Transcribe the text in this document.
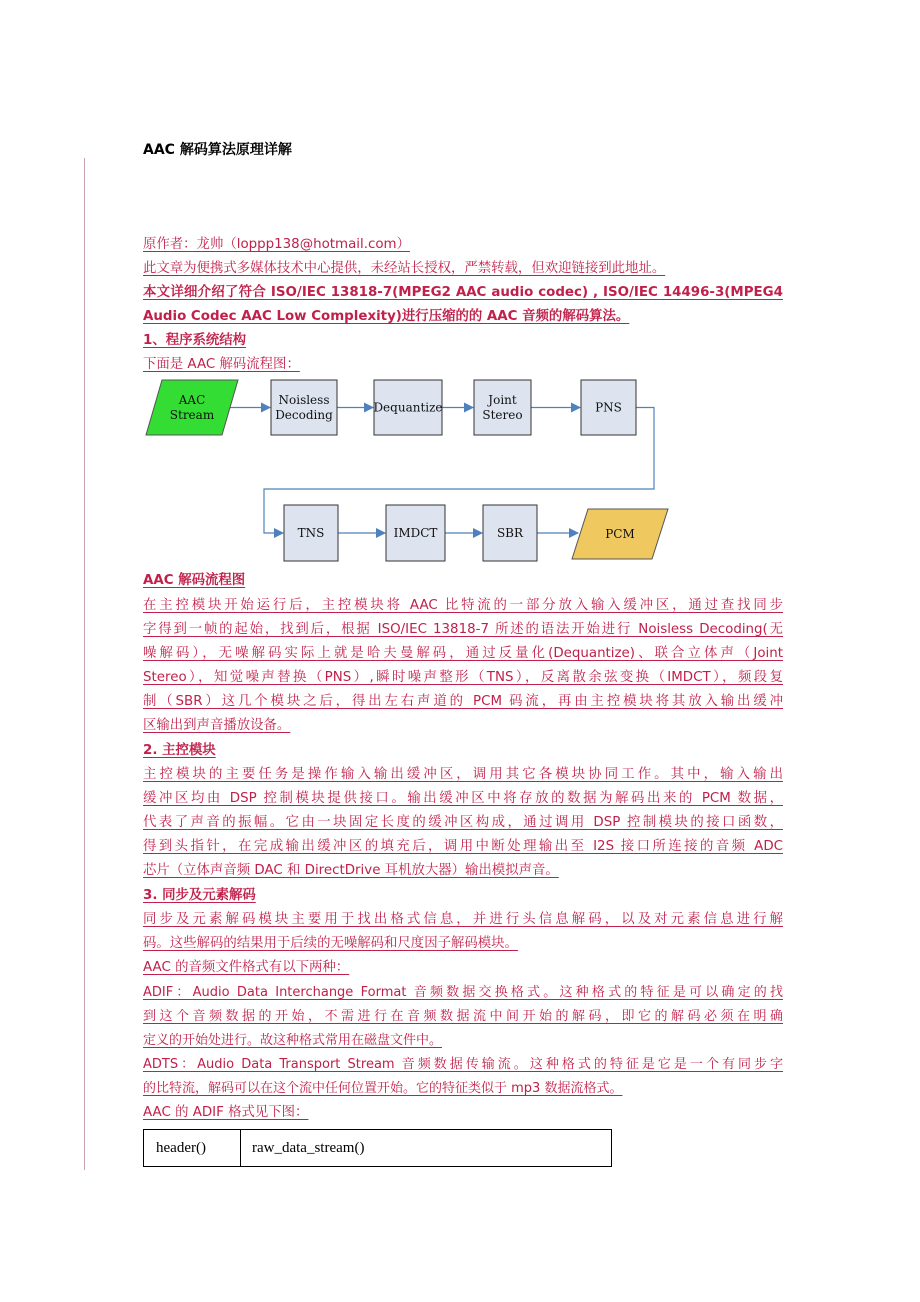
AAC 解码算法原理详解
原作者：龙帅（loppp138@hotmail.com）
此文章为便携式多媒体技术中心提供，未经站长授权，严禁转载，但欢迎链接到此地址。
本文详细介绍了符合 ISO/IEC 13818-7(MPEG2 AAC audio codec) , ISO/IEC 14496-3(MPEG4
Audio Codec AAC Low Complexity)进行压缩的的 AAC 音频的解码算法。
1、程序系统结构
下面是 AAC 解码流程图：
AAC
Stream
Noisless
Decoding
Dequantize
Joint
Stereo
PNS
TNS	IMDCT	SBR	PCM
AAC 解码流程图
在主控模块开始运行后，主控模块将 AAC 比特流的一部分放入输入缓冲区，通过查找同步
字得到一帧的起始，找到后，根据 ISO/IEC 13818-7 所述的语法开始进行 Noisless Decoding(无
噪解码），无噪解码实际上就是哈夫曼解码，通过反量化(Dequantize)、联合立体声（Joint
Stereo），知觉噪声替换（PNS）,瞬时噪声整形（TNS），反离散余弦变换（IMDCT），频段复
制（SBR）这几个模块之后，得出左右声道的 PCM 码流，再由主控模块将其放入输出缓冲
区输出到声音播放设备。
2. 主控模块
主控模块的主要任务是操作输入输出缓冲区，调用其它各模块协同工作。其中，输入输出
缓冲区均由 DSP 控制模块提供接口。输出缓冲区中将存放的数据为解码出来的 PCM 数据，
代表了声音的振幅。它由一块固定长度的缓冲区构成，通过调用 DSP 控制模块的接口函数，
得到头指针，在完成输出缓冲区的填充后，调用中断处理输出至 I2S 接口所连接的音频 ADC
芯片（立体声音频 DAC 和 DirectDrive 耳机放大器）输出模拟声音。
3. 同步及元素解码
同步及元素解码模块主要用于找出格式信息，并进行头信息解码，以及对元素信息进行解
码。这些解码的结果用于后续的无噪解码和尺度因子解码模块。
AAC 的音频文件格式有以下两种：
ADIF：Audio Data Interchange Format 音频数据交换格式。这种格式的特征是可以确定的找
到这个音频数据的开始，不需进行在音频数据流中间开始的解码，即它的解码必须在明确
定义的开始处进行。故这种格式常用在磁盘文件中。
ADTS：Audio Data Transport Stream 音频数据传输流。这种格式的特征是它是一个有同步字
的比特流，解码可以在这个流中任何位置开始。它的特征类似于 mp3 数据流格式。
AAC 的 ADIF 格式见下图：
header()	raw_data_stream()
